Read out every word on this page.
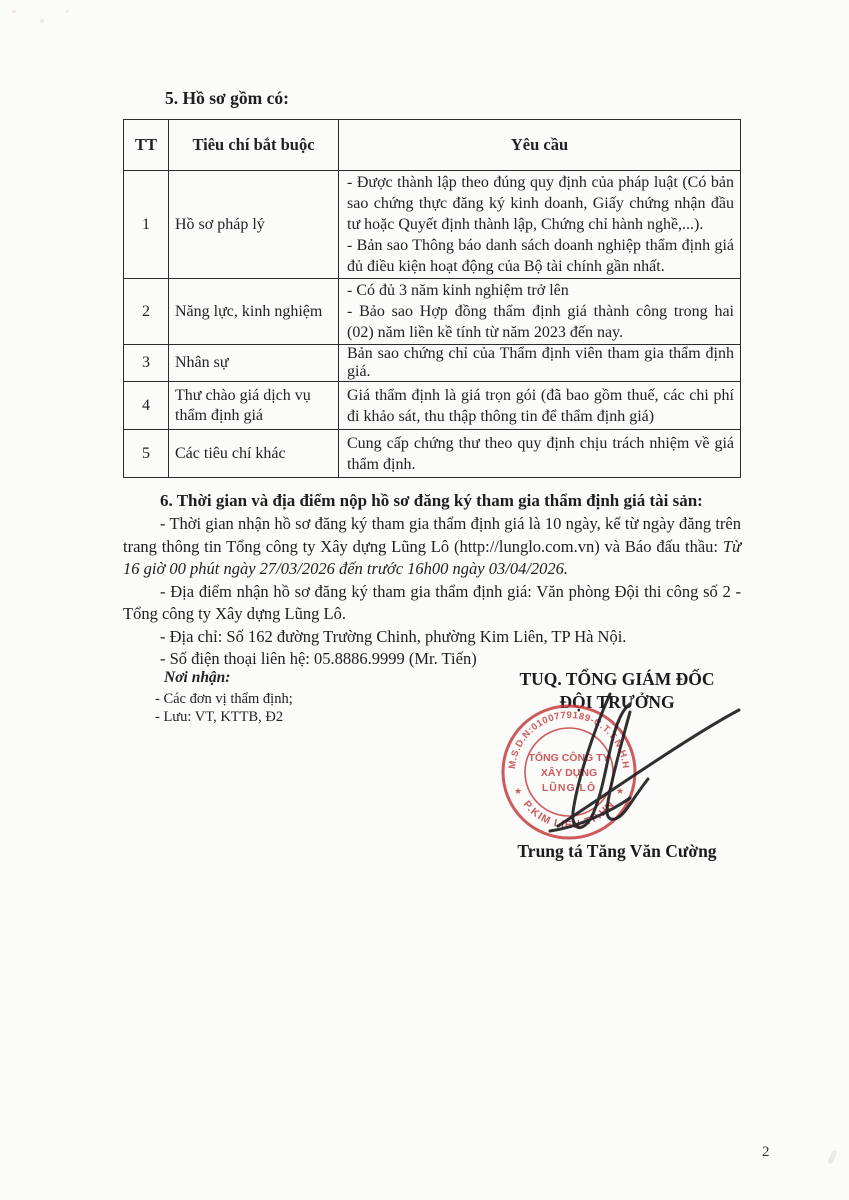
5. Hồ sơ gồm có:

TT	Tiêu chí bắt buộc	Yêu cầu
1	Hồ sơ pháp lý	- Được thành lập theo đúng quy định của pháp luật (Có bản sao chứng thực đăng ký kinh doanh, Giấy chứng nhận đầu tư hoặc Quyết định thành lập, Chứng chỉ hành nghề,...).
- Bản sao Thông báo danh sách doanh nghiệp thẩm định giá đủ điều kiện hoạt động của Bộ tài chính gần nhất.

2	Năng lực, kinh nghiệm	- Có đủ 3 năm kinh nghiệm trở lên
- Bảo sao Hợp đồng thẩm định giá thành công trong hai (02) năm liền kề tính từ năm 2023 đến nay.

3	Nhân sự	Bản sao chứng chỉ của Thẩm định viên tham gia thẩm định giá.

4	Thư chào giá dịch vụ thẩm định giá	Giá thẩm định là giá trọn gói (đã bao gồm thuế, các chi phí đi khảo sát, thu thập thông tin để thẩm định giá)

5	Các tiêu chí khác	Cung cấp chứng thư theo quy định chịu trách nhiệm về giá thẩm định.

6. Thời gian và địa điểm nộp hồ sơ đăng ký tham gia thẩm định giá tài sản:

- Thời gian nhận hồ sơ đăng ký tham gia thẩm định giá là 10 ngày, kể từ ngày đăng trên trang thông tin Tổng công ty Xây dựng Lũng Lô (http://lunglo.com.vn) và Báo đấu thầu: Từ 16 giờ 00 phút ngày 27/03/2026 đến trước 16h00 ngày 03/04/2026.

- Địa điểm nhận hồ sơ đăng ký tham gia thẩm định giá: Văn phòng Đội thi công số 2 - Tổng công ty Xây dựng Lũng Lô.

- Địa chỉ: Số 162 đường Trường Chinh, phường Kim Liên, TP Hà Nội.

- Số điện thoại liên hệ: 05.8886.9999 (Mr. Tiến)

Nơi nhận:
- Các đơn vị thẩm định;
- Lưu: VT, KTTB, Đ2
TUQ. TỔNG GIÁM ĐỐC
ĐỘI TRƯỞNG
M.S.D.N:0100779189-C.T.T.N.H.H
P.KIM LIÊN-TP.HN
★	★
TỔNG CÔNG TY
XÂY DỰNG
LŨNG LÔ
Trung tá Tăng Văn Cường
2
